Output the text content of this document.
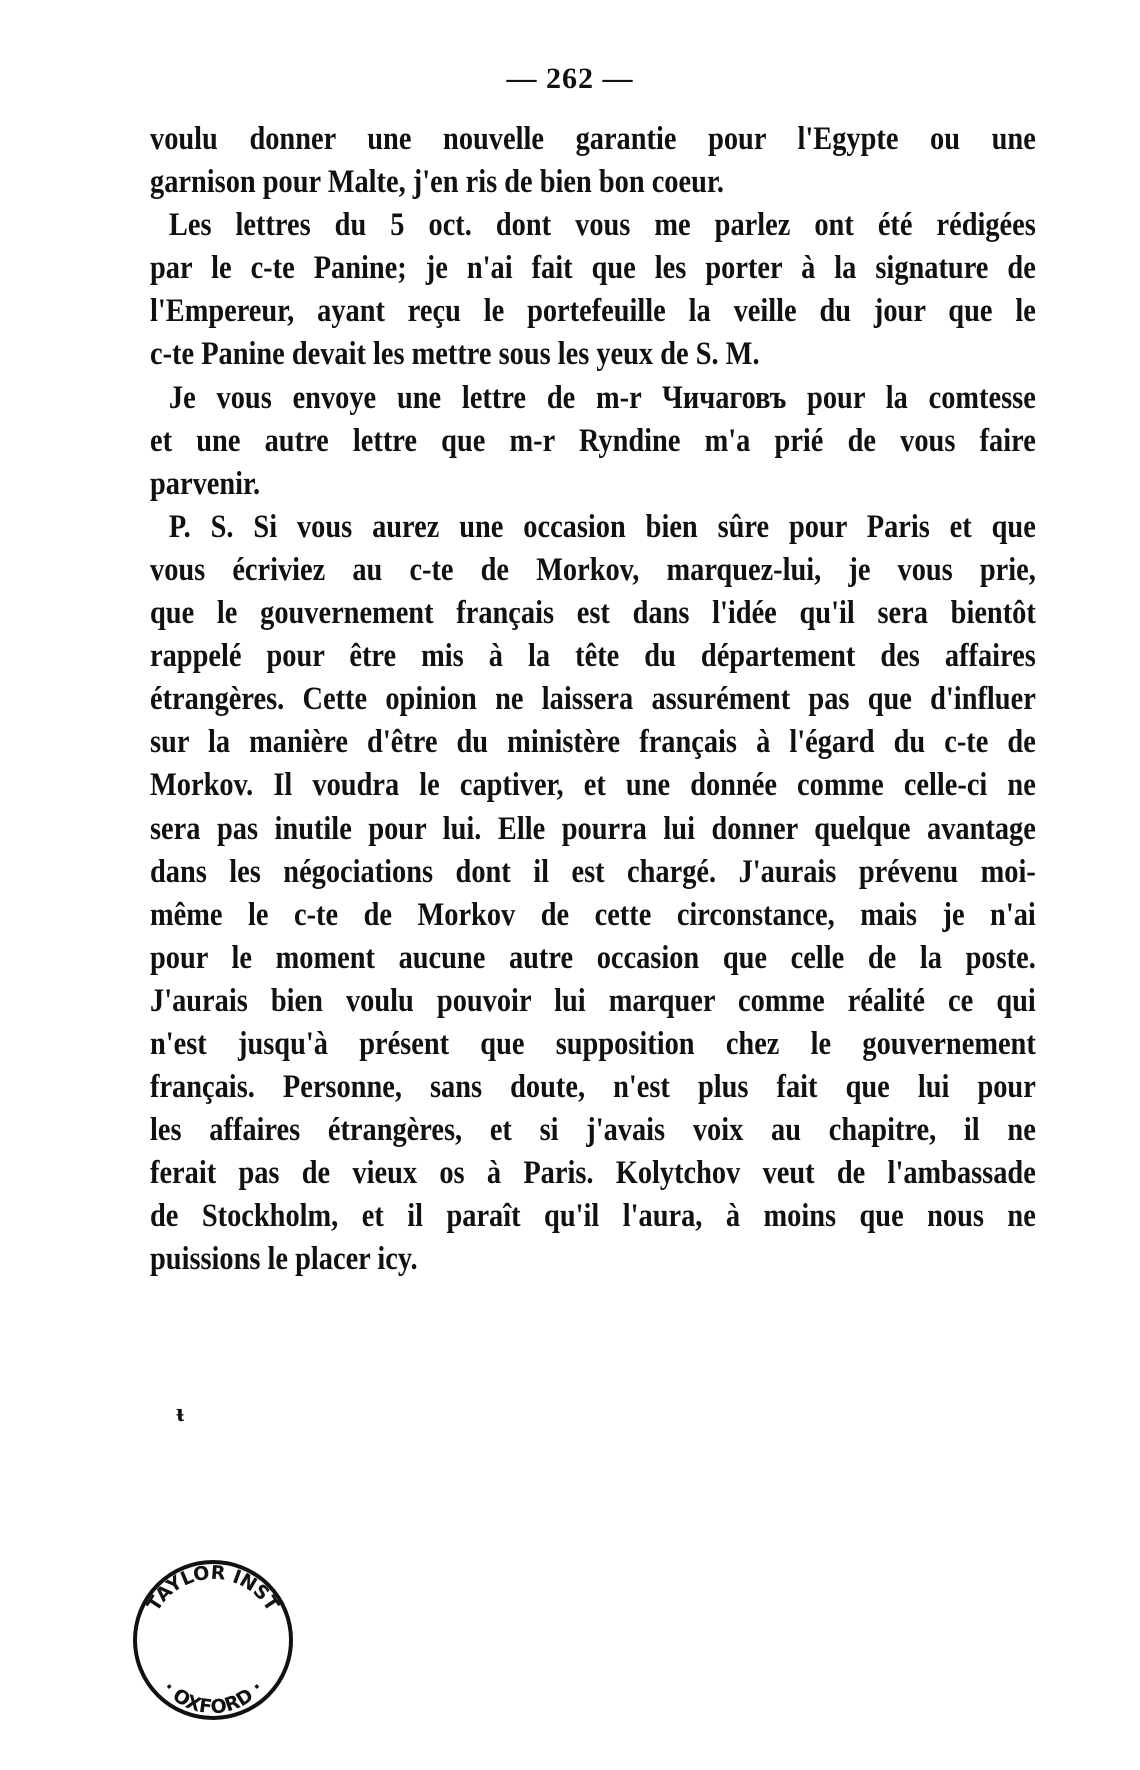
— 262 —
voulu donner une nouvelle garantie pour l'Egypte ou une
garnison pour Malte, j'en ris de bien bon coeur.
Les lettres du 5 oct. dont vous me parlez ont été rédigées
par le c-te Panine; je n'ai fait que les porter à la signature de
l'Empereur, ayant reçu le portefeuille la veille du jour que le
c-te Panine devait les mettre sous les yeux de S. M.
Je vous envoye une lettre de m-r Чичаговъ pour la comtesse
et une autre lettre que m-r Ryndine m'a prié de vous faire
parvenir.
P. S. Si vous aurez une occasion bien sûre pour Paris et que
vous écriviez au c-te de Morkov, marquez-lui, je vous prie,
que le gouvernement français est dans l'idée qu'il sera bientôt
rappelé pour être mis à la tête du département des affaires
étrangères. Cette opinion ne laissera assurément pas que d'influer
sur la manière d'être du ministère français à l'égard du c-te de
Morkov. Il voudra le captiver, et une donnée comme celle-ci ne
sera pas inutile pour lui. Elle pourra lui donner quelque avantage
dans les négociations dont il est chargé. J'aurais prévenu moi-
même le c-te de Morkov de cette circonstance, mais je n'ai
pour le moment aucune autre occasion que celle de la poste.
J'aurais bien voulu pouvoir lui marquer comme réalité ce qui
n'est jusqu'à présent que supposition chez le gouvernement
français. Personne, sans doute, n'est plus fait que lui pour
les affaires étrangères, et si j'avais voix au chapitre, il ne
ferait pas de vieux os à Paris. Kolytchov veut de l'ambassade
de Stockholm, et il paraît qu'il l'aura, à moins que nous ne
puissions le placer icy.
ᵼ
TAYLOR INST
· OXFORD ·
